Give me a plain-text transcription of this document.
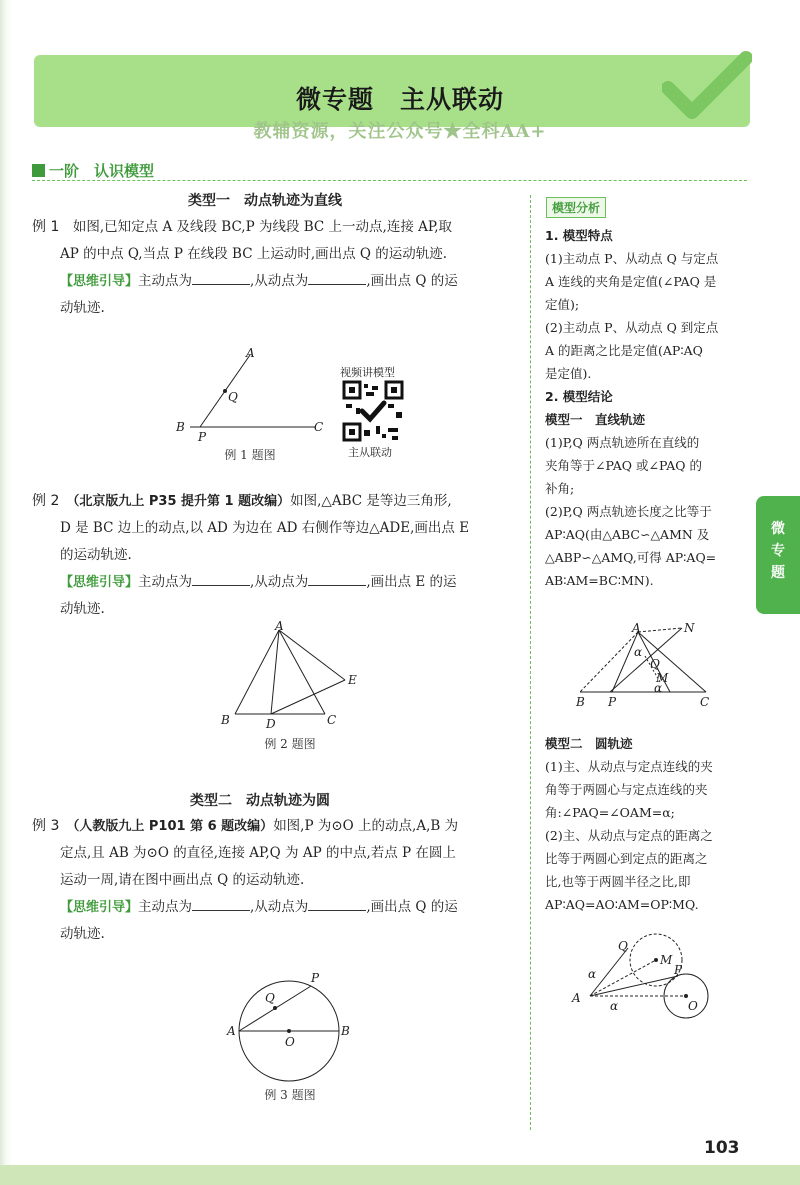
微专题　主从联动
教辅资源，关注公众号★全科AA+
一阶　认识模型
类型一　动点轨迹为直线
例 1　 如图,已知定点 A 及线段 BC,P 为线段 BC 上一动点,连接 AP,取
AP 的中点 Q,当点 P 在线段 BC 上运动时,画出点 Q 的运动轨迹.
【思维引导】主动点为	,从动点为	,画出点 Q 的运
动轨迹.
A
Q
B
P
C
例 1 题图
视频讲模型
主从联动
例 2　 （北京版九上 P35 提升第 1 题改编）如图,△ABC 是等边三角形,
D 是 BC 边上的动点,以 AD 为边在 AD 右侧作等边△ADE,画出点 E
的运动轨迹.
【思维引导】主动点为	,从动点为	,画出点 E 的运
动轨迹.
A
E
B	D	C
例 2 题图
类型二　动点轨迹为圆
例 3　 （人教版九上 P101 第 6 题改编）如图,P 为⊙O 上的动点,A,B 为
定点,且 AB 为⊙O 的直径,连接 AP,Q 为 AP 的中点,若点 P 在圆上
运动一周,请在图中画出点 Q 的运动轨迹.
【思维引导】主动点为	,从动点为	,画出点 Q 的运
动轨迹.
P
Q
A
O
B
例 3 题图
模型分析
1. 模型特点
(1)主动点 P、从动点 Q 与定点
A 连线的夹角是定值(∠PAQ 是
定值);
(2)主动点 P、从动点 Q 到定点
A 的距离之比是定值(AP∶AQ
是定值).
2. 模型结论
模型一　直线轨迹
(1)P,Q 两点轨迹所在直线的
夹角等于∠PAQ 或∠PAQ 的
补角;
(2)P,Q 两点轨迹长度之比等于
AP∶AQ(由△ABC∽△AMN 及
△ABP∽△AMQ,可得 AP∶AQ=
AB∶AM=BC∶MN).
A	N
α
Q
M
α
B P	C
模型二　圆轨迹
(1)主、从动点与定点连线的夹
角等于两圆心与定点连线的夹
角:∠PAQ=∠OAM=α;
(2)主、从动点与定点的距离之
比等于两圆心到定点的距离之
比,也等于两圆半径之比,即
AP∶AQ=AO∶AM=OP∶MQ.
Q
M
α
A
α
P
O
微
专
题
103
